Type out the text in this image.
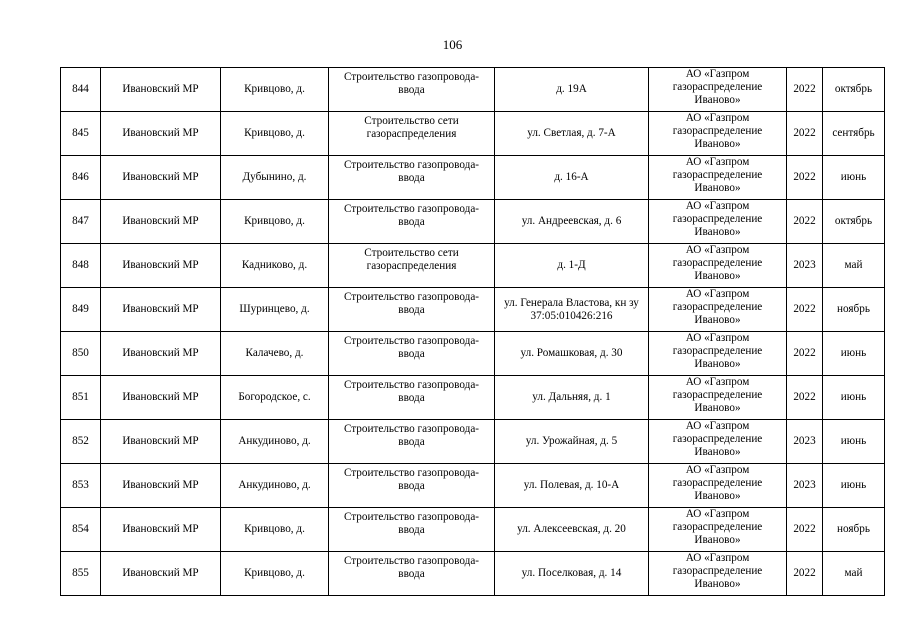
106
844	Ивановский МР	Кривцово, д.	Строительство газопровода-ввода	д. 19А	АО «Газпром газораспределение Иваново»	2022	октябрь
845	Ивановский МР	Кривцово, д.	Строительство сети газораспределения	ул. Светлая, д. 7-А	АО «Газпром газораспределение Иваново»	2022	сентябрь
846	Ивановский МР	Дубынино, д.	Строительство газопровода-ввода	д. 16-А	АО «Газпром газораспределение Иваново»	2022	июнь
847	Ивановский МР	Кривцово, д.	Строительство газопровода-ввода	ул. Андреевская, д. 6	АО «Газпром газораспределение Иваново»	2022	октябрь
848	Ивановский МР	Кадниково, д.	Строительство сети газораспределения	д. 1-Д	АО «Газпром газораспределение Иваново»	2023	май
849	Ивановский МР	Шуринцево, д.	Строительство газопровода-ввода	ул. Генерала Властова, кн зу 37:05:010426:216	АО «Газпром газораспределение Иваново»	2022	ноябрь
850	Ивановский МР	Калачево, д.	Строительство газопровода-ввода	ул. Ромашковая, д. 30	АО «Газпром газораспределение Иваново»	2022	июнь
851	Ивановский МР	Богородское, с.	Строительство газопровода-ввода	ул. Дальняя, д. 1	АО «Газпром газораспределение Иваново»	2022	июнь
852	Ивановский МР	Анкудиново, д.	Строительство газопровода-ввода	ул. Урожайная, д. 5	АО «Газпром газораспределение Иваново»	2023	июнь
853	Ивановский МР	Анкудиново, д.	Строительство газопровода-ввода	ул. Полевая, д. 10-А	АО «Газпром газораспределение Иваново»	2023	июнь
854	Ивановский МР	Кривцово, д.	Строительство газопровода-ввода	ул. Алексеевская, д. 20	АО «Газпром газораспределение Иваново»	2022	ноябрь
855	Ивановский МР	Кривцово, д.	Строительство газопровода-ввода	ул. Поселковая, д. 14	АО «Газпром газораспределение Иваново»	2022	май
